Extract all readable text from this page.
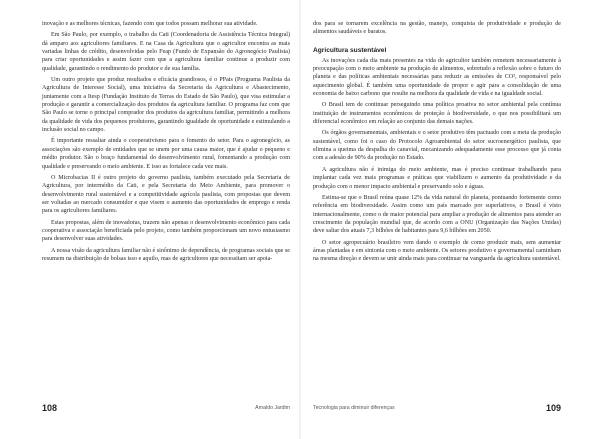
inovação e as melhores técnicas, fazendo com que todos possam melhorar sua atividade.

Em São Paulo, por exemplo, o trabalho da Cati (Coordenadoria de Assistência Técnica Integral) dá amparo aos agricultores familiares. E na Casa da Agricultura que o agricultor encontra as mais variadas linhas de crédito, desenvolvidas pelo Feap (Fundo de Expansão do Agronegócio Paulista) para criar oportunidades e assim fazer com que a agricultura familiar continue a produzir com qualidade, garantindo o rendimento do produtor e de sua família.

Um outro projeto que produz resultados e eficácia grandiosos, é o PPais (Programa Paulista da Agricultura de Interesse Social), uma iniciativa da Secretaria da Agricultura e Abastecimento, juntamente com a Itesp (Fundação Instituto de Terras do Estado de São Paulo), que visa estimular a produção e garantir a comercialização dos produtos da agricultura familiar. O programa faz com que São Paulo se torne o principal comprador dos produtos da agricultura familiar, permitindo a melhora da qualidade de vida dos pequenos produtores, garantindo igualdade de oportunidade e estimulando a inclusão social no campo.

É importante ressaltar ainda o cooperativismo para o fomento do setor. Para o agronegócio, as associações são exemplo de entidades que se unem por uma causa maior, que é ajudar o pequeno e médio produtor. São o braço fundamental do desenvolvimento rural, fomentando a produção com qualidade e preservando o meio ambiente. E isso as fortalece cada vez mais.

O Microbacias II é outro projeto do governo paulista, também executado pela Secretaria de Agricultura, por intermédio da Cati, e pela Secretaria do Meio Ambiente, para promover o desenvolvimento rural sustentável e a competitividade agrícola paulista, com propostas que devem ser voltadas ao mercado consumidor e que visem o aumento das oportunidades de emprego e renda para os agricultores familiares.

Estas propostas, além de inovadoras, trazem não apenas o desenvolvimento econômico para cada cooperativa e associação beneficiada pelo projeto, como também proporcionam um novo entusiasmo para desenvolver suas atividades.

A nossa visão da agricultura familiar não é sinônimo de dependência, de programas sociais que se resumem na distribuição de bolsas isso e aquilo, mas de agricultores que necessitam ser apoia-

108	Arnaldo Jardim

dos para se tornarem excelência na gestão, manejo, conquista de produtividade e produção de alimentos saudáveis e baratos.

Agricultura sustentável

As inovações cada dia mais presentes na vida do agricultor também remetem necessariamente à preocupação com o meio ambiente na produção de alimentos, sobretudo a reflexão sobre o futuro do planeta e das políticas ambientais necessárias para reduzir as emissões de CO², responsável pelo aquecimento global. É também uma oportunidade de propor e agir para a consolidação de uma economia de baixo carbono que resulte na melhora da qualidade de vida e na igualdade social.

O Brasil tem de continuar perseguindo uma política proativa no setor ambiental pela contínua instituição de instrumentos econômicos de proteção à biodiversidade, o que nos possibilitará um diferencial econômico em relação ao conjunto das demais nações.

Os órgãos governamentais, ambientais e o setor produtivo têm pactuado com a meta da produção sustentável, como foi o caso do Protocolo Agroambiental do setor sucroenergético paulista, que elimina a queima da despalha do canavial, mecanizando adequadamente esse processo que já conta com a adesão de 90% da produção no Estado.

A agricultura não é inimiga do meio ambiente, mas é preciso continuar trabalhando para implantar cada vez mais programas e práticas que viabilizem o aumento da produtividade e da produção com o menor impacto ambiental e preservando solo e águas.

Estima-se que o Brasil reúna quase 12% da vida natural do planeta, pontuando fortemente como referência em biodiversidade. Assim como um país marcado por superlativos, o Brasil é visto internacionalmente, como o de maior potencial para ampliar a produção de alimentos para atender ao crescimento da população mundial que, de acordo com a ONU (Organização das Nações Unidas) deve saltar dos atuais 7,3 bilhões de habitantes para 9,6 bilhões em 2050.

O setor agropecuário brasileiro vem dando o exemplo de como produzir mais, sem aumentar áreas plantadas e em sintonia com o meio ambiente. Os setores produtivo e governamental caminham na mesma direção e devem se unir ainda mais para continuar na vanguarda da agricultura sustentável.

Tecnologia para diminuir diferenças	109
